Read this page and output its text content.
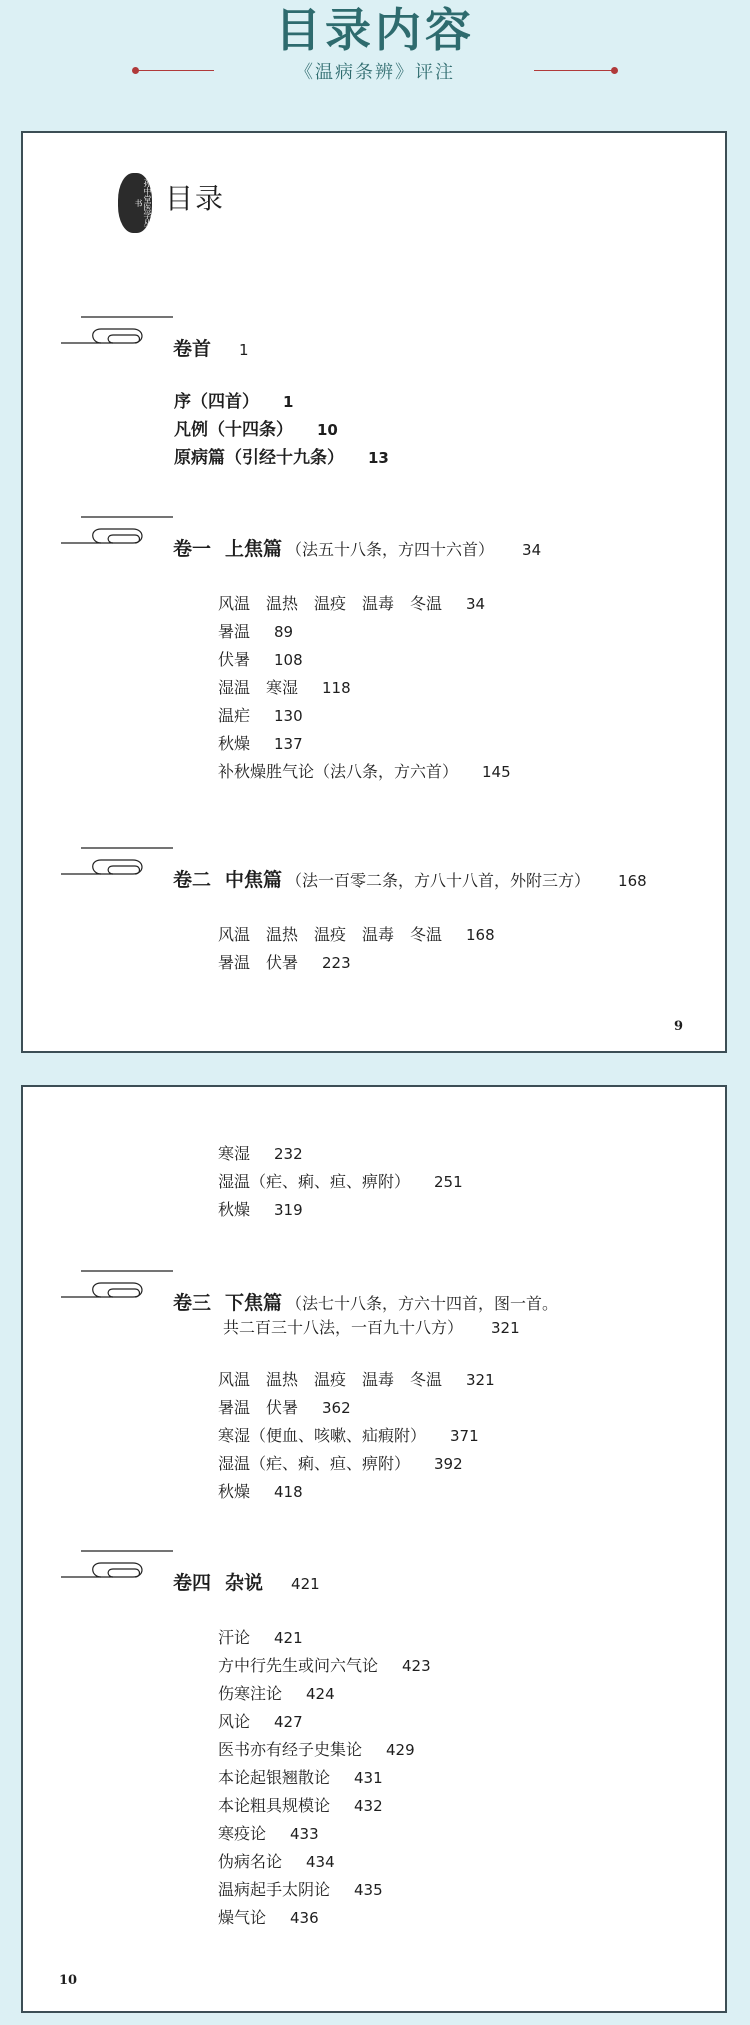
目录内容
《温病条辨》评注
孙中堂医学丛书 目录
卷首 1
序（四首） 1
凡例（十四条） 10
原病篇（引经十九条） 13
卷一 上焦篇 （法五十八条，方四十六首） 34
风温　温热　温疫　温毒　冬温 34
暑温 89
伏暑 108
湿温　寒湿 118
温疟 130
秋燥 137
补秋燥胜气论（法八条，方六首） 145
卷二 中焦篇 （法一百零二条，方八十八首，外附三方） 168
风温　温热　温疫　温毒　冬温 168
暑温　伏暑 223
9
寒湿 232
湿温（疟、痢、疸、痹附） 251
秋燥 319
卷三 下焦篇 （法七十八条，方六十四首，图一首。
共二百三十八法，一百九十八方） 321
风温　温热　温疫　温毒　冬温 321
暑温　伏暑 362
寒湿（便血、咳嗽、疝瘕附） 371
湿温（疟、痢、疸、痹附） 392
秋燥 418
卷四 杂说 421
汗论 421
方中行先生或问六气论 423
伤寒注论 424
风论 427
医书亦有经子史集论 429
本论起银翘散论 431
本论粗具规模论 432
寒疫论 433
伪病名论 434
温病起手太阴论 435
燥气论 436
10
